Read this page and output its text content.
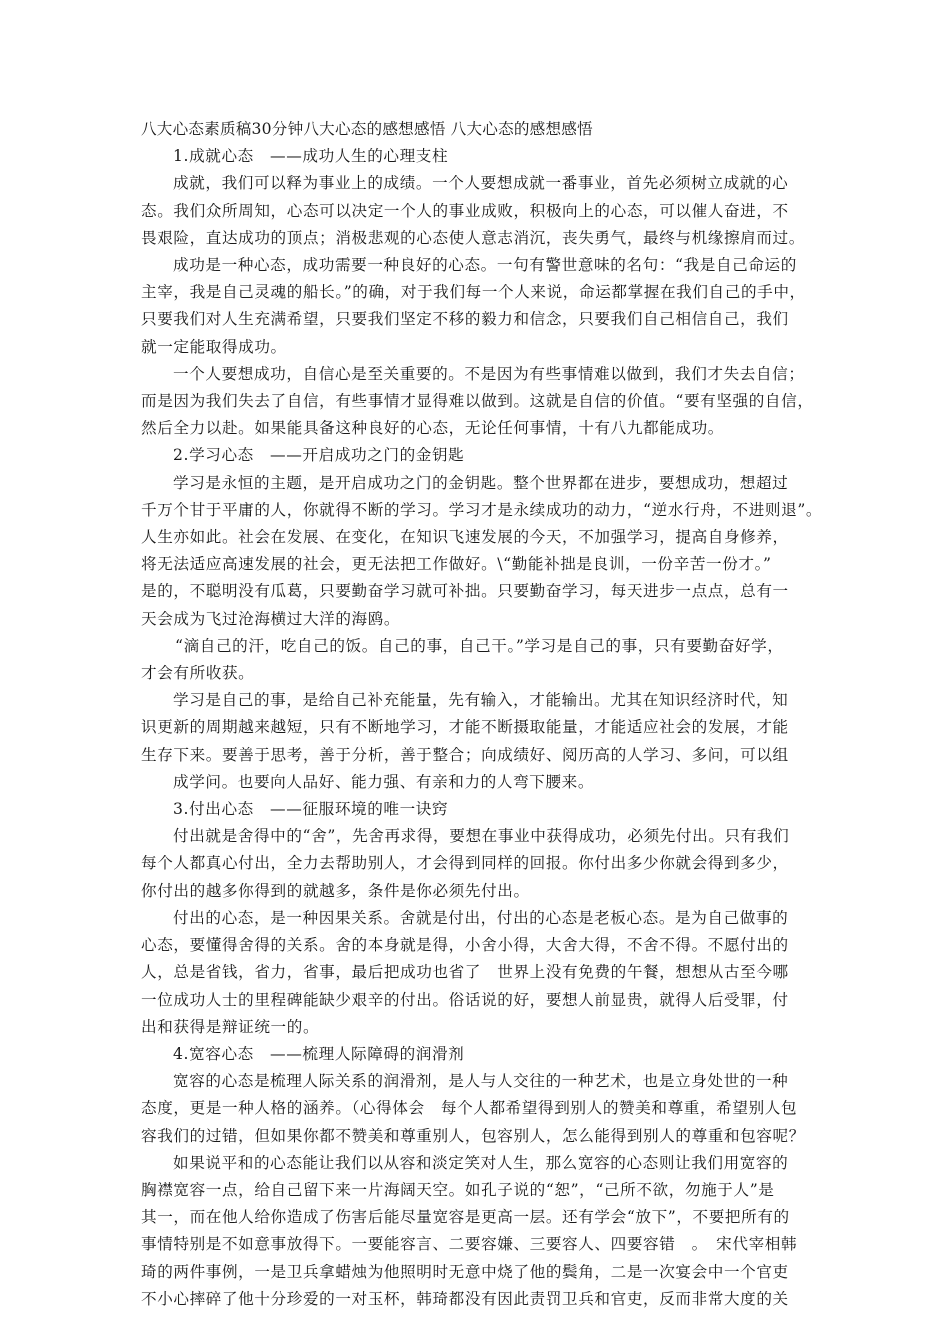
八大心态素质稿30分钟八大心态的感想感悟 八大心态的感想感悟
1.成就心态　——成功人生的心理支柱
成就，我们可以释为事业上的成绩。一个人要想成就一番事业，首先必须树立成就的心
态。我们众所周知，心态可以决定一个人的事业成败，积极向上的心态，可以催人奋进，不
畏艰险，直达成功的顶点；消极悲观的心态使人意志消沉，丧失勇气，最终与机缘擦肩而过。
成功是一种心态，成功需要一种良好的心态。一句有警世意味的名句：“我是自己命运的
主宰，我是自己灵魂的船长。”的确，对于我们每一个人来说，命运都掌握在我们自己的手中，
只要我们对人生充满希望，只要我们坚定不移的毅力和信念，只要我们自己相信自己，我们
就一定能取得成功。
一个人要想成功，自信心是至关重要的。不是因为有些事情难以做到，我们才失去自信；
而是因为我们失去了自信，有些事情才显得难以做到。这就是自信的价值。“要有坚强的自信，
然后全力以赴。如果能具备这种良好的心态，无论任何事情，十有八九都能成功。
2.学习心态　——开启成功之门的金钥匙
学习是永恒的主题，是开启成功之门的金钥匙。整个世界都在进步，要想成功，想超过
千万个甘于平庸的人，你就得不断的学习。学习才是永续成功的动力，“逆水行舟，不进则退”。
人生亦如此。社会在发展、在变化，在知识飞速发展的今天，不加强学习，提高自身修养，
将无法适应高速发展的社会，更无法把工作做好。\“勤能补拙是良训，一份辛苦一份才。”
是的，不聪明没有瓜葛，只要勤奋学习就可补拙。只要勤奋学习，每天进步一点点，总有一
天会成为飞过沧海横过大洋的海鸥。
“滴自己的汗，吃自己的饭。自己的事，自己干。”学习是自己的事，只有要勤奋好学，
才会有所收获。
学习是自己的事，是给自己补充能量，先有输入，才能输出。尤其在知识经济时代，知
识更新的周期越来越短，只有不断地学习，才能不断摄取能量，才能适应社会的发展，才能
生存下来。要善于思考，善于分析，善于整合；向成绩好、阅历高的人学习、多问，可以组
成学问。也要向人品好、能力强、有亲和力的人弯下腰来。
3.付出心态　——征服环境的唯一诀窍
付出就是舍得中的“舍”，先舍再求得，要想在事业中获得成功，必须先付出。只有我们
每个人都真心付出，全力去帮助别人，才会得到同样的回报。你付出多少你就会得到多少，
你付出的越多你得到的就越多，条件是你必须先付出。
付出的心态，是一种因果关系。舍就是付出，付出的心态是老板心态。是为自己做事的
心态，要懂得舍得的关系。舍的本身就是得，小舍小得，大舍大得，不舍不得。不愿付出的
人，总是省钱，省力，省事，最后把成功也省了　世界上没有免费的午餐，想想从古至今哪
一位成功人士的里程碑能缺少艰辛的付出。俗话说的好，要想人前显贵，就得人后受罪，付
出和获得是辩证统一的。
4.宽容心态　——梳理人际障碍的润滑剂
宽容的心态是梳理人际关系的润滑剂，是人与人交往的一种艺术，也是立身处世的一种
态度，更是一种人格的涵养。（心得体会　每个人都希望得到别人的赞美和尊重，希望别人包
容我们的过错，但如果你都不赞美和尊重别人，包容别人，怎么能得到别人的尊重和包容呢？
如果说平和的心态能让我们以从容和淡定笑对人生，那么宽容的心态则让我们用宽容的
胸襟宽容一点，给自己留下来一片海阔天空。如孔子说的“恕”，“己所不欲，勿施于人”是
其一，而在他人给你造成了伤害后能尽量宽容是更高一层。还有学会“放下”，不要把所有的
事情特别是不如意事放得下。一要能容言、二要容嫌、三要容人、四要容错　。　宋代宰相韩
琦的两件事例，一是卫兵拿蜡烛为他照明时无意中烧了他的鬓角，二是一次宴会中一个官吏
不小心摔碎了他十分珍爱的一对玉杯，韩琦都没有因此责罚卫兵和官吏，反而非常大度的关
